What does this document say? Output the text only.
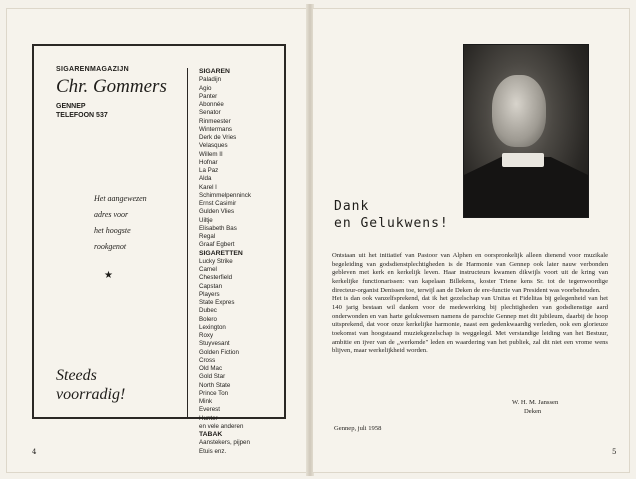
SIGARENMAGAZIJN
Chr. Gommers
GENNEP
TELEFOON 537
Het aangewezen
adres voor
het hoogste
rookgenot
★
Steeds
voorradig!
SIGAREN
Paladijn
Agio
Panter
Abonnée
Senator
Rinmeester
Wintermans
Derk de Vries
Velasques
Willem II
Hofnar
La Paz
Alda
Karel I
Schimmelpenninck
Ernst Casimir
Gulden Vlies
Uiltje
Elisabeth Bas
Regal
Graaf Egbert
SIGARETTEN
Lucky Strike
Camel
Chesterfield
Capstan
Players
State Expres
Dubec
Bolero
Lexington
Roxy
Stuyvesant
Golden Fiction
Cross
Old Mac
Gold Star
North State
Prince Ton
Mink
Everest
Hunter
en vele anderen
TABAK
Aanstekers, pijpen
Etuis enz.
4
Dank
en Gelukwens!

Ontstaan uit het initiatief van Pastoor van Alphen en oorspronkelijk alleen dienend voor muzikale begeleiding van godsdienstplechtigheden is de Harmonie van Gennep ook later nauw verbonden gebleven met kerk en kerkelijk leven. Haar instructeurs kwamen dikwijls voort uit de kring van kerkelijke functionarissen: van kapelaan Billekens, koster Triene kens Sr. tot de tegenwoordige directeur-organist Denissen toe, terwijl aan de Deken de ere-functie van President was voorbehouden.

Het is dan ook vanzelfsprekend, dat ik het gezelschap van Unitas et Fidelitas bij gelegenheid van het 140 jarig bestaan wil danken voor de medewerking bij plechtigheden van godsdienstige aard onderwonden en van harte gelukwensen namens de parochie Gennep met dit jubileum, daarbij de hoop uitsprekend, dat voor onze kerkelijke harmonie, naast een gedenkwaardig verleden, ook een glorieuze toekomst van hoogstaand muziekgezelschap is weggelegd. Met verstandige leiding van het Bestuur, ambitie en ijver van de „werkende" leden en waardering van het publiek, zal dit niet een vrome wens blijven, maar werkelijkheid worden.

W. H. M. Janssen
Deken
Gennep, juli 1958
5
